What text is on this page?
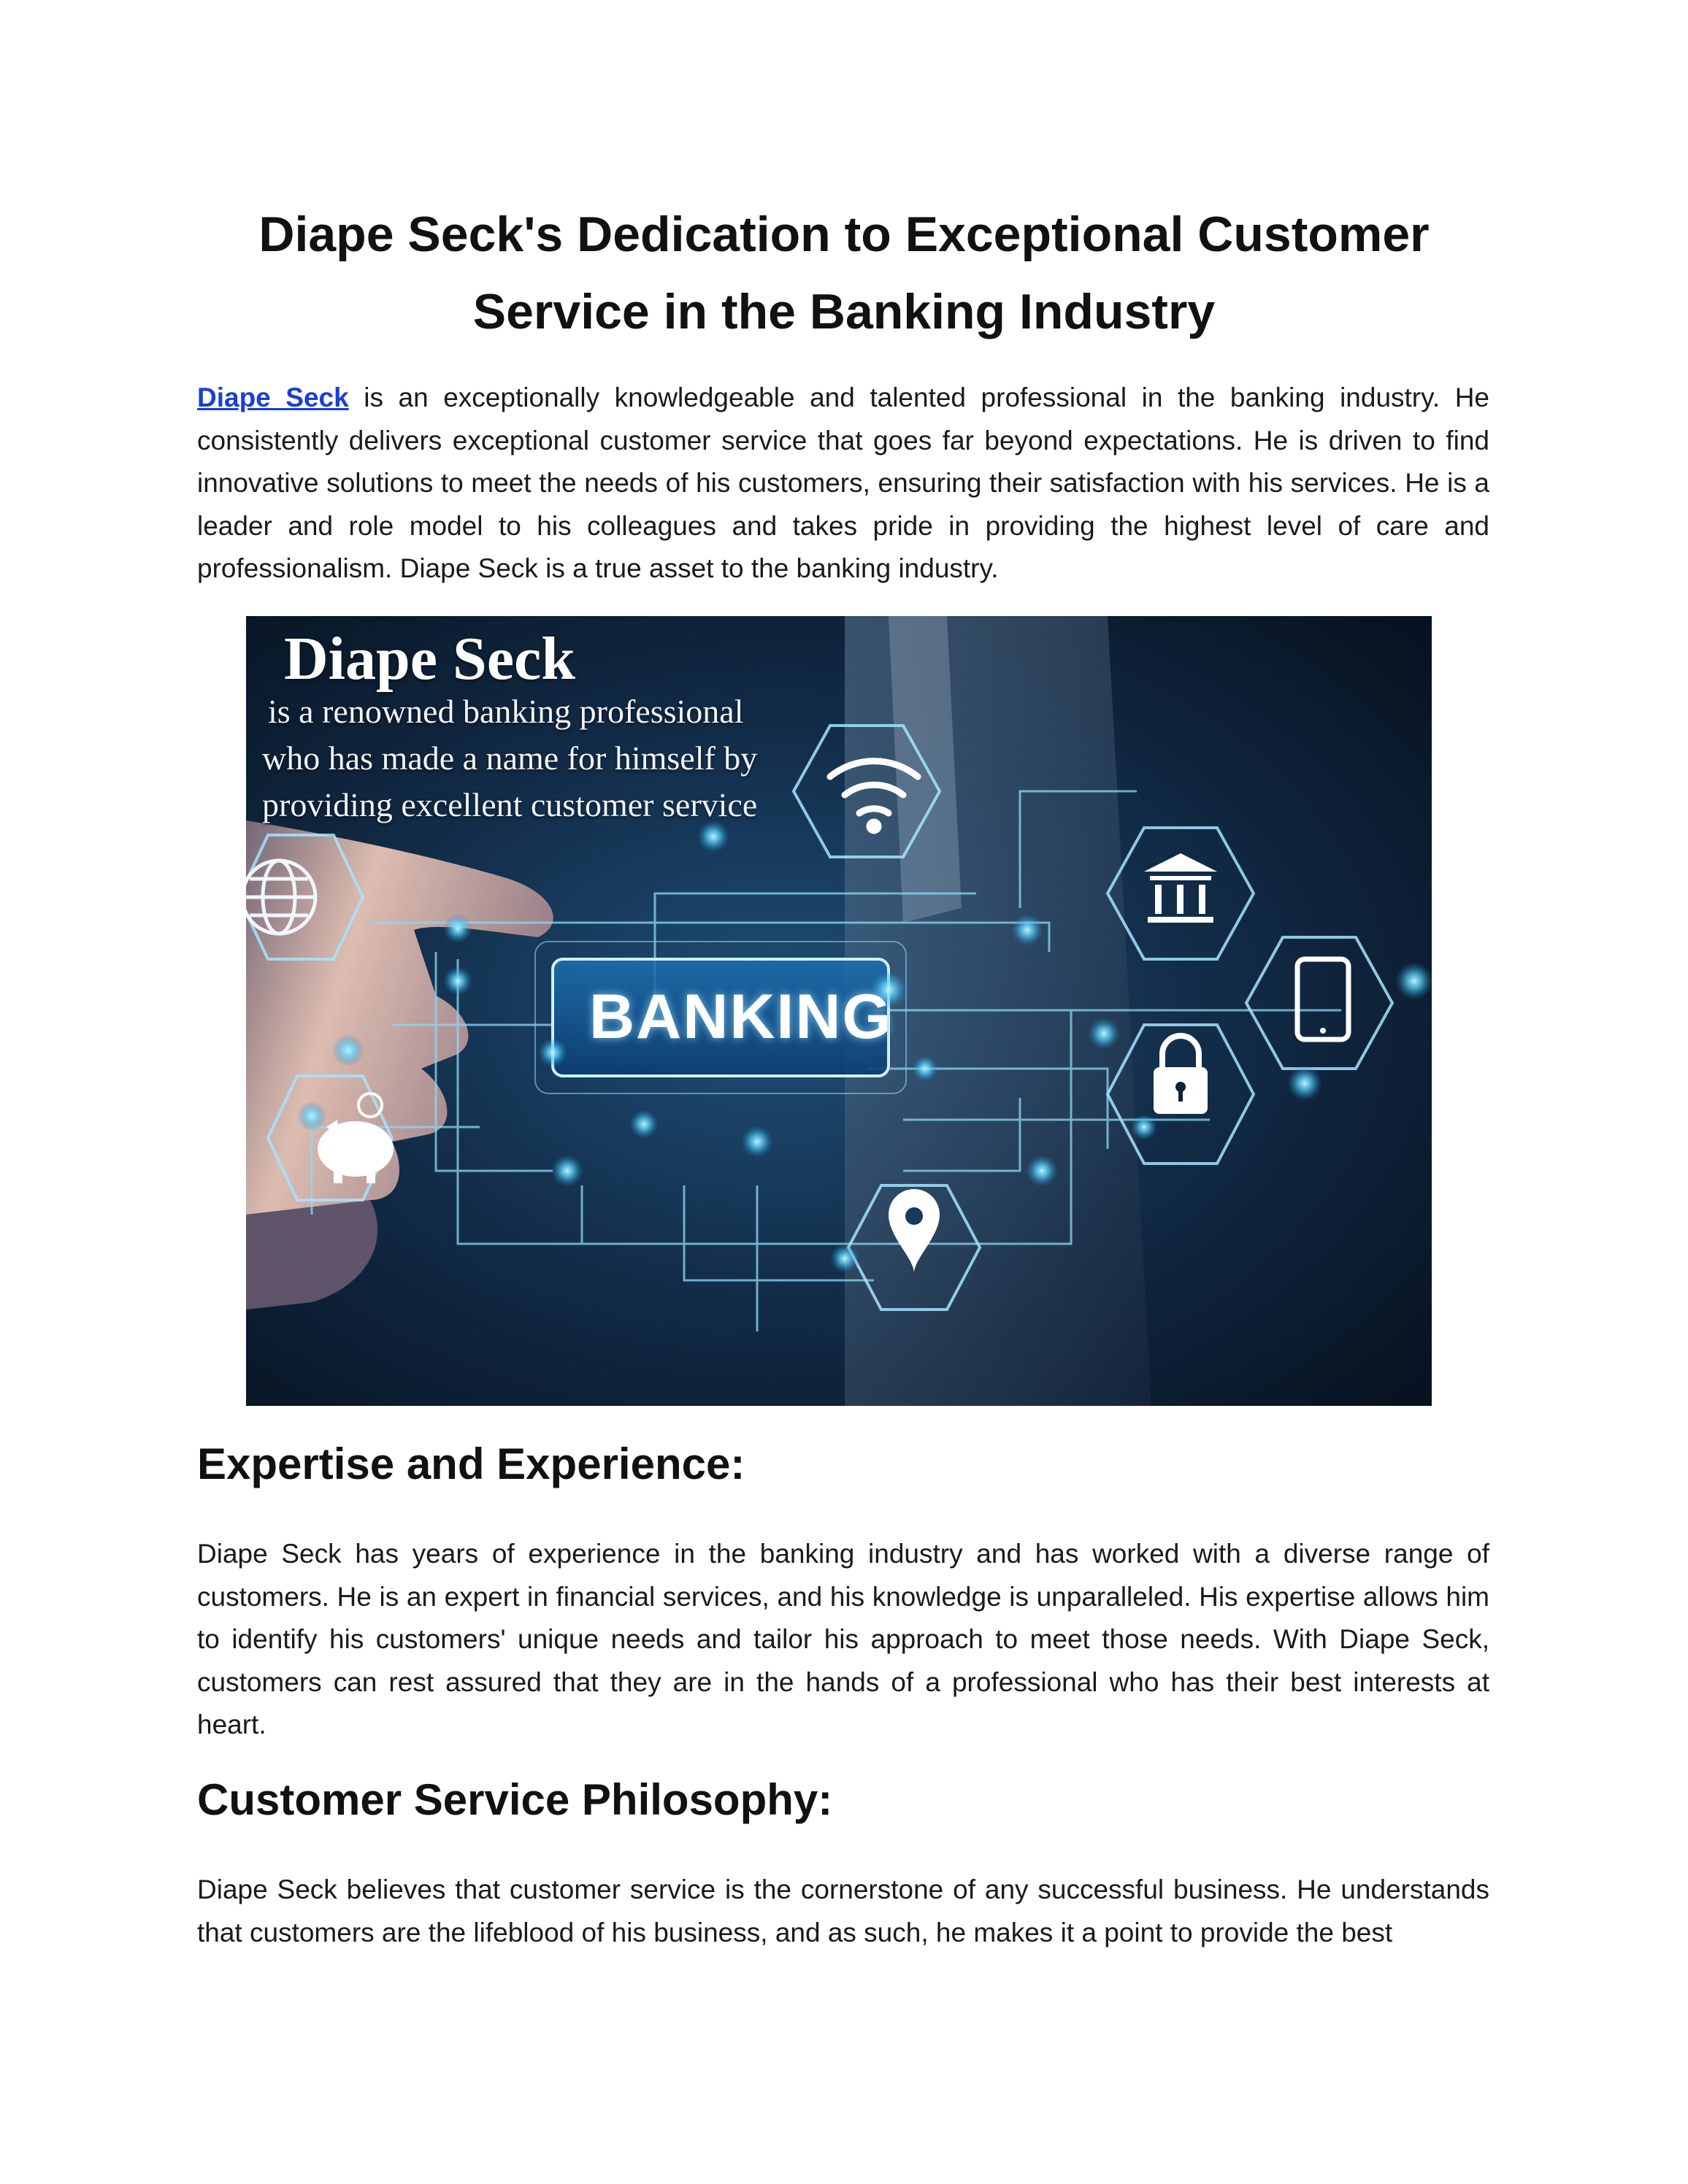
Diape Seck's Dedication to Exceptional Customer
Service in the Banking Industry

Diape Seck is an exceptionally knowledgeable and talented professional in the banking industry. He consistently delivers exceptional customer service that goes far beyond expectations. He is driven to find innovative solutions to meet the needs of his customers, ensuring their satisfaction with his services. He is a leader and role model to his colleagues and takes pride in providing the highest level of care and professionalism. Diape Seck is a true asset to the banking industry.

Diape Seck

is a renowned banking professional

who has made a name for himself by

providing excellent customer service

BANKING
Expertise and Experience:

Diape Seck has years of experience in the banking industry and has worked with a diverse range of customers. He is an expert in financial services, and his knowledge is unparalleled. His expertise allows him to identify his customers' unique needs and tailor his approach to meet those needs. With Diape Seck, customers can rest assured that they are in the hands of a professional who has their best interests at heart.

Customer Service Philosophy:

Diape Seck believes that customer service is the cornerstone of any successful business. He understands that customers are the lifeblood of his business, and as such, he makes it a point to provide the best
